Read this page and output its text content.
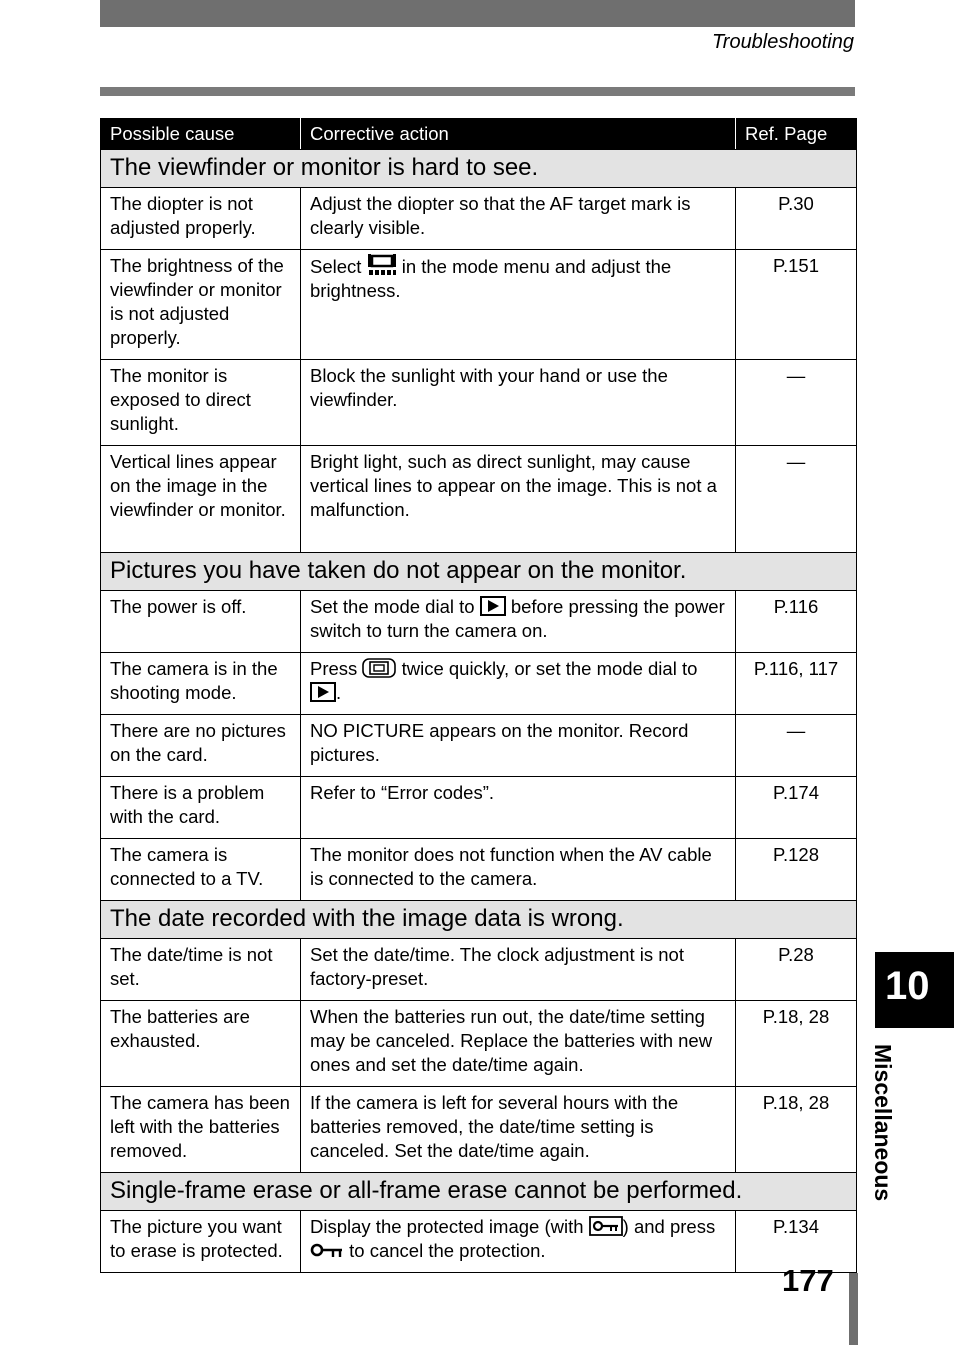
Troubleshooting
Possible cause	Corrective action	Ref. Page
The viewfinder or monitor is hard to see.		
The diopter is not adjusted properly.	Adjust the diopter so that the AF target mark is clearly visible.	P.30
The brightness of the viewfinder or monitor is not adjusted properly.	Select in the mode menu and adjust the brightness.	P.151
The monitor is exposed to direct sunlight.	Block the sunlight with your hand or use the viewfinder.	—
Vertical lines appear on the image in the viewfinder or monitor.	Bright light, such as direct sunlight, may cause vertical lines to appear on the image. This is not a malfunction.	—
Pictures you have taken do not appear on the monitor.		
The power is off.	Set the mode dial to before pressing the power switch to turn the camera on.	P.116
The camera is in the shooting mode.	Press twice quickly, or set the mode dial to .	P.116, 117
There are no pictures on the card.	NO PICTURE appears on the monitor. Record pictures.	—
There is a problem with the card.	Refer to “Error codes”.	P.174
The camera is connected to a TV.	The monitor does not function when the AV cable is connected to the camera.	P.128
The date recorded with the image data is wrong.		
The date/time is not set.	Set the date/time. The clock adjustment is not factory-preset.	P.28
The batteries are exhausted.	When the batteries run out, the date/time setting may be canceled. Replace the batteries with new ones and set the date/time again.	P.18, 28
The camera has been left with the batteries removed.	If the camera is left for several hours with the batteries removed, the date/time setting is canceled. Set the date/time again.	P.18, 28
Single-frame erase or all-frame erase cannot be performed.		
The picture you want to erase is protected.	Display the protected image (with ) and press  to cancel the protection.	P.134
10
Miscellaneous
177
